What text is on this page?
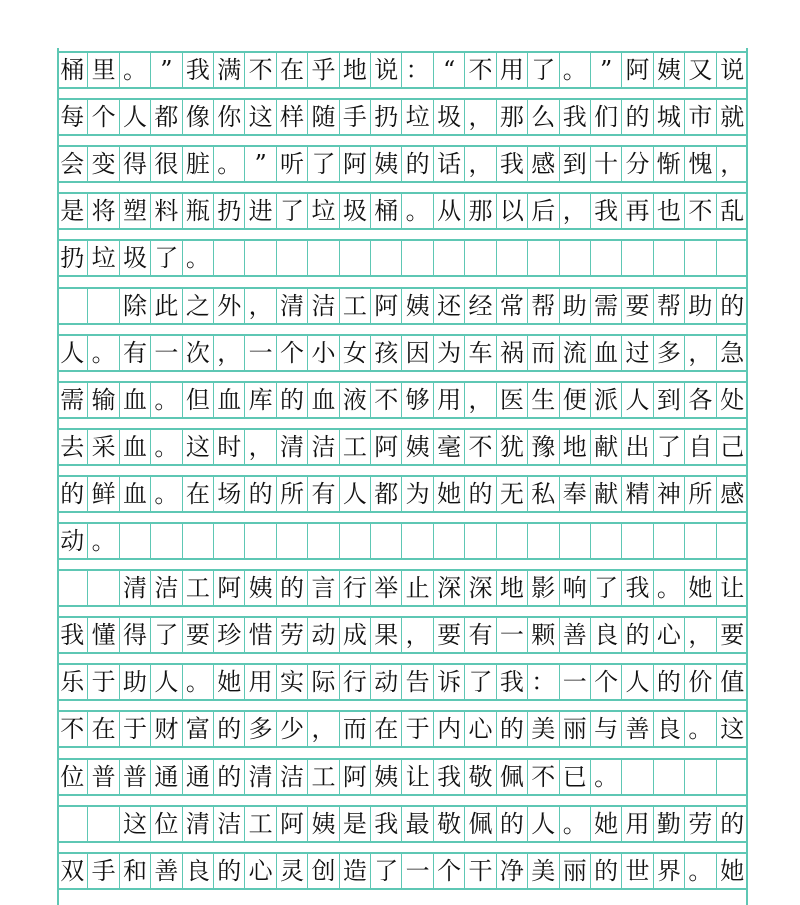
桶 里 。 ” 我 满 不 在 乎 地 说 ： “ 不 用 了 。 ” 阿 姨 又 说
每 个 人 都 像 你 这 样 随 手 扔 垃 圾 ， 那 么 我 们 的 城 市 就
会 变 得 很 脏 。 ” 听 了 阿 姨 的 话 ， 我 感 到 十 分 惭 愧 ，
是 将 塑 料 瓶 扔 进 了 垃 圾 桶 。 从 那 以 后 ， 我 再 也 不 乱
扔 垃 圾 了 。
除 此 之 外 ， 清 洁 工 阿 姨 还 经 常 帮 助 需 要 帮 助 的
人 。 有 一 次 ， 一 个 小 女 孩 因 为 车 祸 而 流 血 过 多 ， 急
需 输 血 。 但 血 库 的 血 液 不 够 用 ， 医 生 便 派 人 到 各 处
去 采 血 。 这 时 ， 清 洁 工 阿 姨 毫 不 犹 豫 地 献 出 了 自 己
的 鲜 血 。 在 场 的 所 有 人 都 为 她 的 无 私 奉 献 精 神 所 感
动 。
清 洁 工 阿 姨 的 言 行 举 止 深 深 地 影 响 了 我 。 她 让
我 懂 得 了 要 珍 惜 劳 动 成 果 ， 要 有 一 颗 善 良 的 心 ， 要
乐 于 助 人 。 她 用 实 际 行 动 告 诉 了 我 ： 一 个 人 的 价 值
不 在 于 财 富 的 多 少 ， 而 在 于 内 心 的 美 丽 与 善 良 。 这
位 普 普 通 通 的 清 洁 工 阿 姨 让 我 敬 佩 不 已 。
这 位 清 洁 工 阿 姨 是 我 最 敬 佩 的 人 。 她 用 勤 劳 的
双 手 和 善 良 的 心 灵 创 造 了 一 个 干 净 美 丽 的 世 界 。 她
